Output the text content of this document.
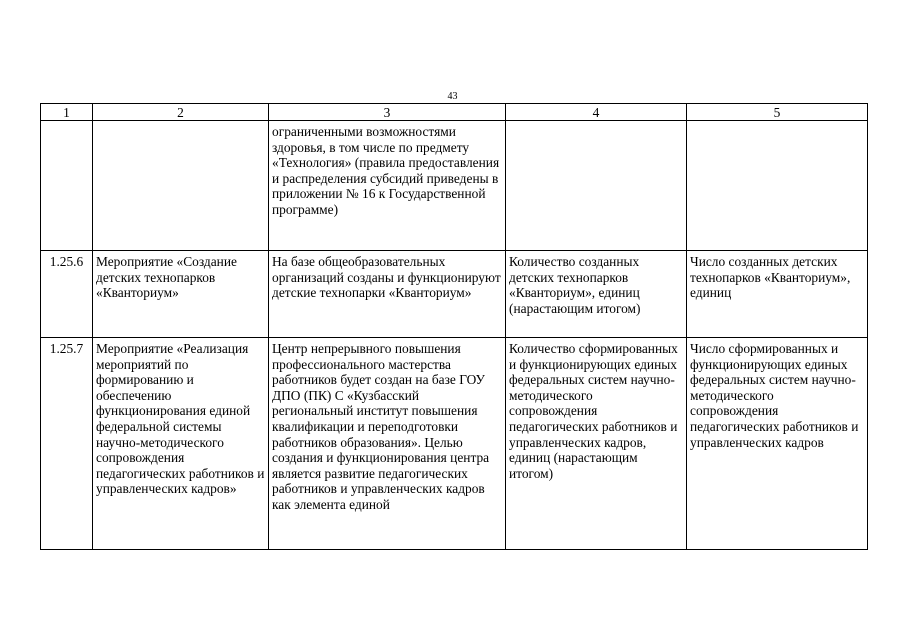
43
1	2	3	4	5
		ограниченными возможностями здоровья, в том числе по предмету «Технология» (правила предоставления и распределения субсидий приведены в приложении № 16 к Государственной программе)		
1.25.6	Мероприятие «Создание детских технопарков «Кванториум»	На базе общеобразовательных организаций созданы и функционируют детские технопарки «Кванториум»	Количество созданных детских технопарков «Кванториум», единиц (нарастающим итогом)	Число созданных детских технопарков «Кванториум», единиц
1.25.7	Мероприятие «Реализация мероприятий по формированию и обеспечению функционирования единой федеральной системы научно-методического сопровождения педагогических работников и управленческих кадров»	Центр непрерывного повышения профессионального мастерства работников будет создан на базе ГОУ ДПО (ПК) С «Кузбасский региональный институт повышения квалификации и переподготовки работников образования». Целью создания и функционирования центра является развитие педагогических работников и управленческих кадров как элемента единой	Количество сформированных и функционирующих единых федеральных систем научно-методического сопровождения педагогических работников и управленческих кадров, единиц (нарастающим итогом)	Число сформированных и функционирующих единых федеральных систем научно-методического сопровождения педагогических работников и управленческих кадров
